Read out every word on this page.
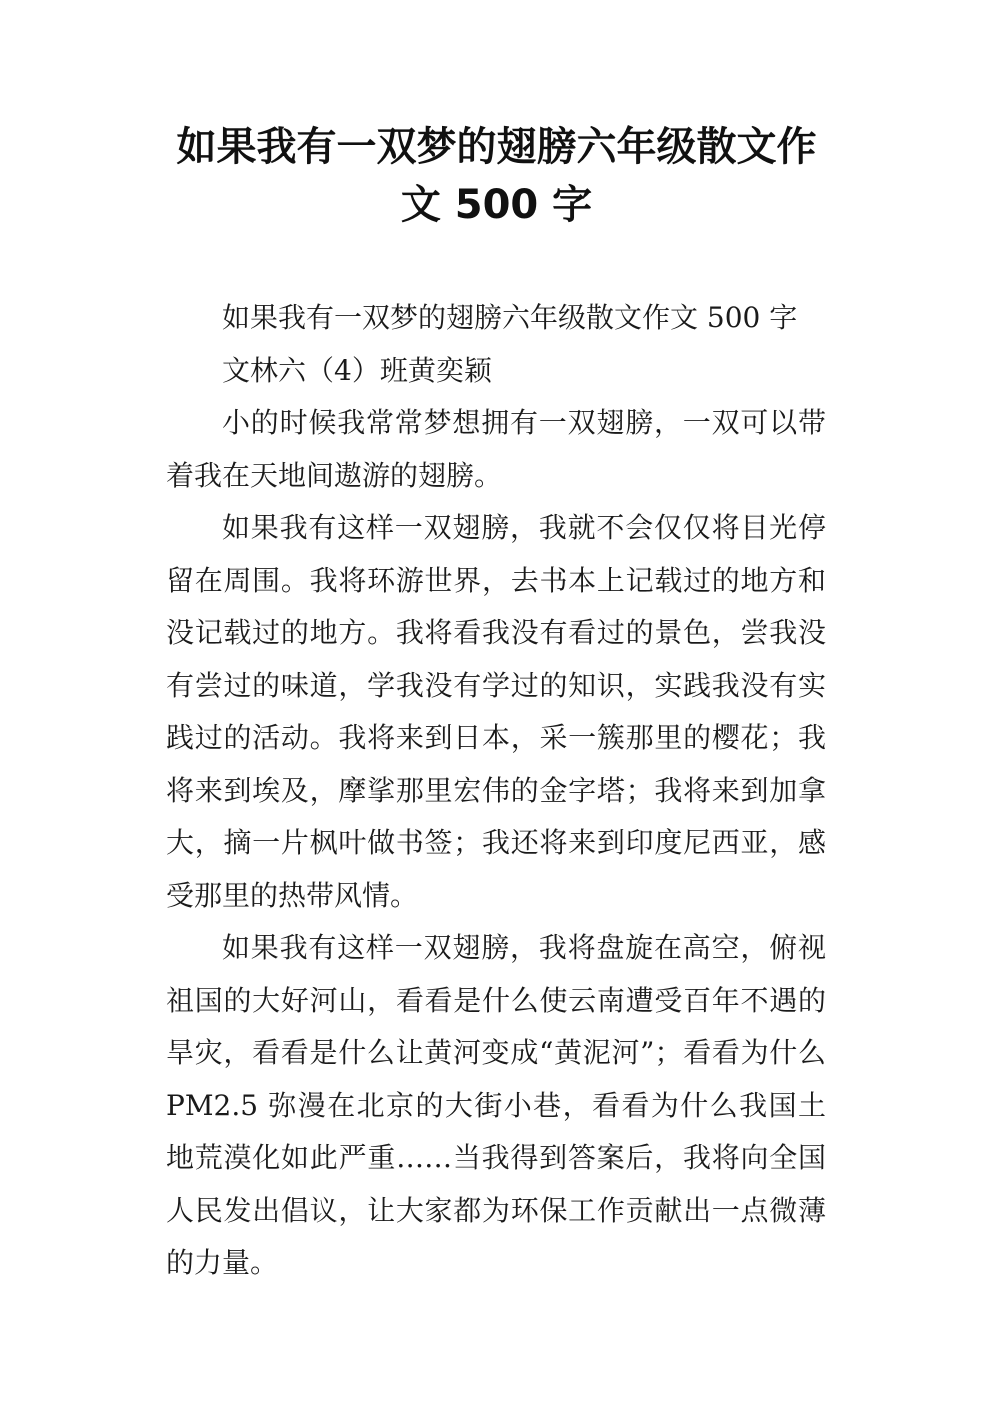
如果我有一双梦的翅膀六年级散文作
文 500 字

如果我有一双梦的翅膀六年级散文作文 500 字

文林六（4）班黄奕颖

小的时候我常常梦想拥有一双翅膀，一双可以带着我在天地间遨游的翅膀。

如果我有这样一双翅膀，我就不会仅仅将目光停留在周围。我将环游世界，去书本上记载过的地方和没记载过的地方。我将看我没有看过的景色，尝我没有尝过的味道，学我没有学过的知识，实践我没有实践过的活动。我将来到日本，采一簇那里的樱花；我将来到埃及，摩挲那里宏伟的金字塔；我将来到加拿大，摘一片枫叶做书签；我还将来到印度尼西亚，感受那里的热带风情。

如果我有这样一双翅膀，我将盘旋在高空，俯视祖国的大好河山，看看是什么使云南遭受百年不遇的旱灾，看看是什么让黄河变成“黄泥河”；看看为什么 PM2.5 弥漫在北京的大街小巷，看看为什么我国土地荒漠化如此严重……当我得到答案后，我将向全国人民发出倡议，让大家都为环保工作贡献出一点微薄的力量。
